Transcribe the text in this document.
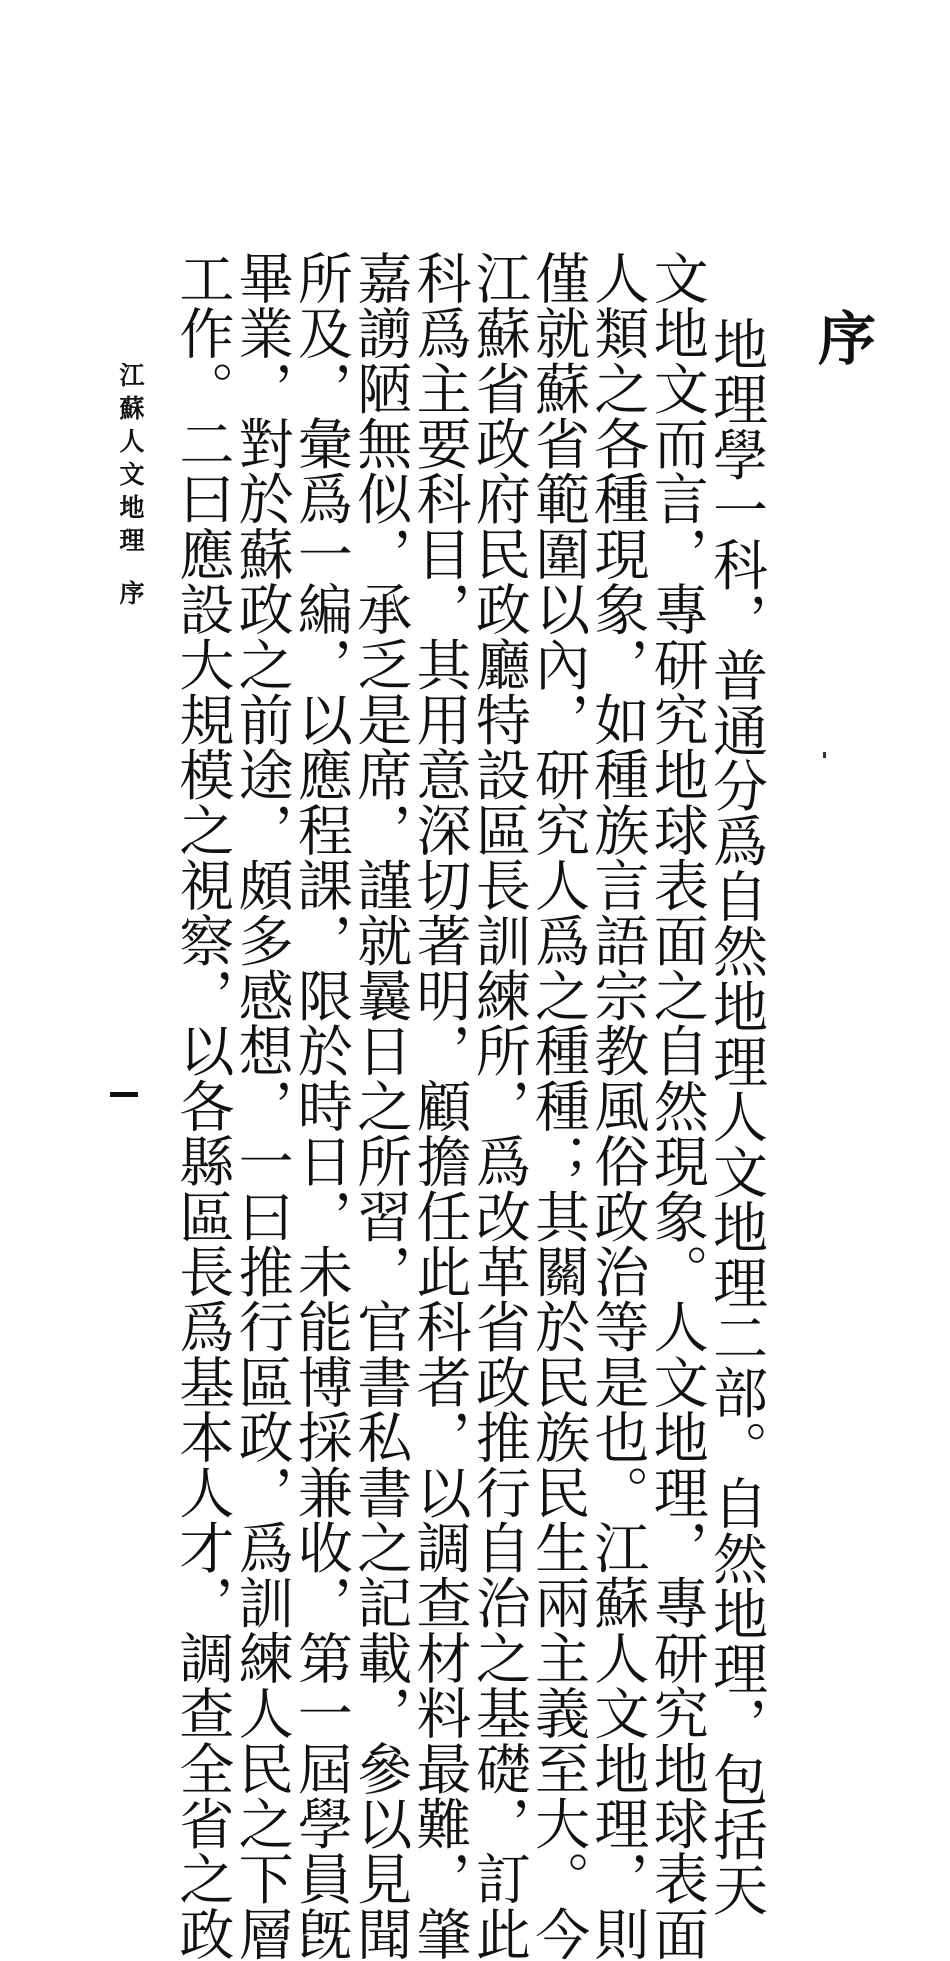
序
地理學一科，普通分爲自然地理人文地理二部。自然地理，包括天
文地文而言，專研究地球表面之自然現象。人文地理，專研究地球表面
人類之各種現象，如種族言語宗教風俗政治等是也。江蘇人文地理，則
僅就蘇省範圍以內，研究人爲之種種；其關於民族民生兩主義至大。今
江蘇省政府民政廳特設區長訓練所，爲改革省政推行自治之基礎，訂此
科爲主要科目，其用意深切著明，顧擔任此科者，以調查材料最難，肇
嘉謭陋無似，承乏是席，謹就曩日之所習，官書私書之記載，參以見聞
所及，彙爲一編，以應程課，限於時日，未能博採兼收，第一屆學員旣
畢業，對於蘇政之前途，頗多感想，一曰推行區政，爲訓練人民之下層
工作。二曰應設大規模之視察，以各縣區長爲基本人才，調查全省之政
江蘇人文地理
序
